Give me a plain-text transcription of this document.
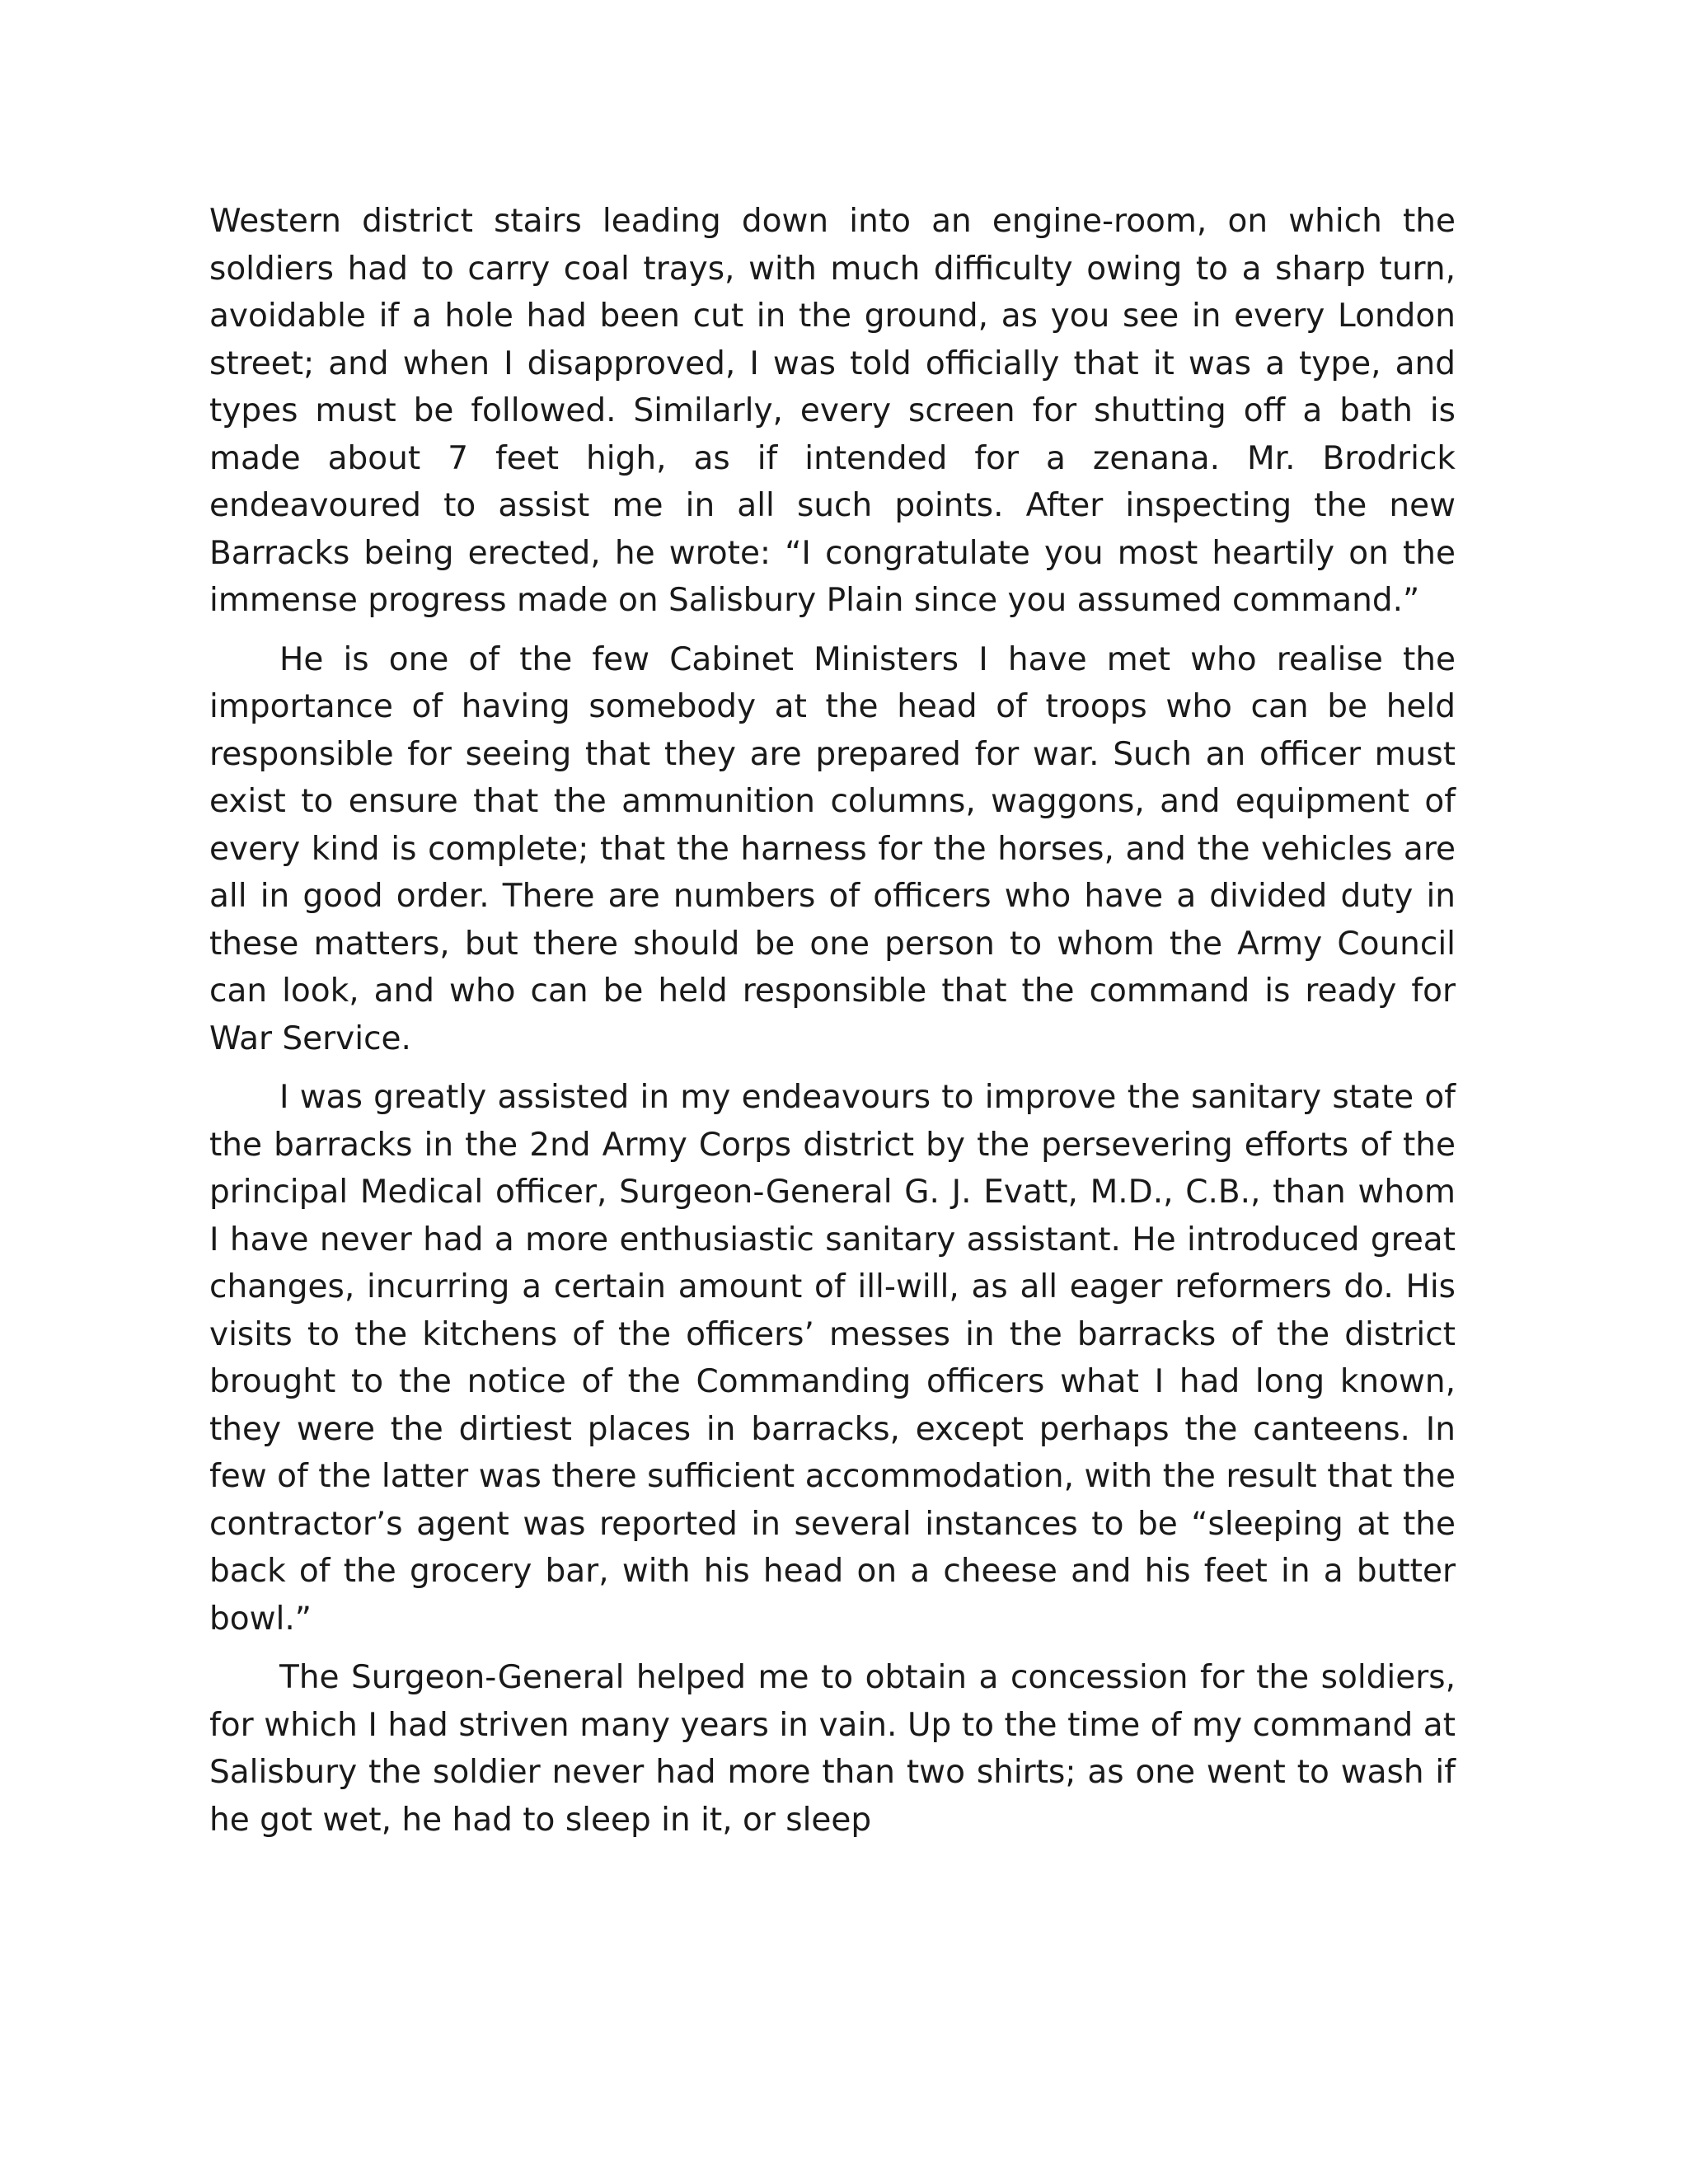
Western district stairs leading down into an engine-room, on which the soldiers had to carry coal trays, with much difficulty owing to a sharp turn, avoidable if a hole had been cut in the ground, as you see in every London street; and when I disapproved, I was told officially that it was a type, and types must be followed. Similarly, every screen for shutting off a bath is made about 7 feet high, as if intended for a zenana. Mr. Brodrick endeavoured to assist me in all such points. After inspecting the new Barracks being erected, he wrote: “I congratulate you most heartily on the immense progress made on Salisbury Plain since you assumed command.”

He is one of the few Cabinet Ministers I have met who realise the importance of having somebody at the head of troops who can be held responsible for seeing that they are prepared for war. Such an officer must exist to ensure that the ammunition columns, waggons, and equipment of every kind is complete; that the harness for the horses, and the vehicles are all in good order. There are numbers of officers who have a divided duty in these matters, but there should be one person to whom the Army Council can look, and who can be held responsible that the command is ready for War Service.

I was greatly assisted in my endeavours to improve the sanitary state of the barracks in the 2nd Army Corps district by the persevering efforts of the principal Medical officer, Surgeon-General G. J. Evatt, M.D., C.B., than whom I have never had a more enthusiastic sanitary assistant. He introduced great changes, incurring a certain amount of ill-will, as all eager reformers do. His visits to the kitchens of the officers’ messes in the barracks of the district brought to the notice of the Commanding officers what I had long known, they were the dirtiest places in barracks, except perhaps the canteens. In few of the latter was there sufficient accommodation, with the result that the contractor’s agent was reported in several instances to be “sleeping at the back of the grocery bar, with his head on a cheese and his feet in a butter bowl.”

The Surgeon-General helped me to obtain a concession for the soldiers, for which I had striven many years in vain. Up to the time of my command at Salisbury the soldier never had more than two shirts; as one went to wash if he got wet, he had to sleep in it, or sleep
